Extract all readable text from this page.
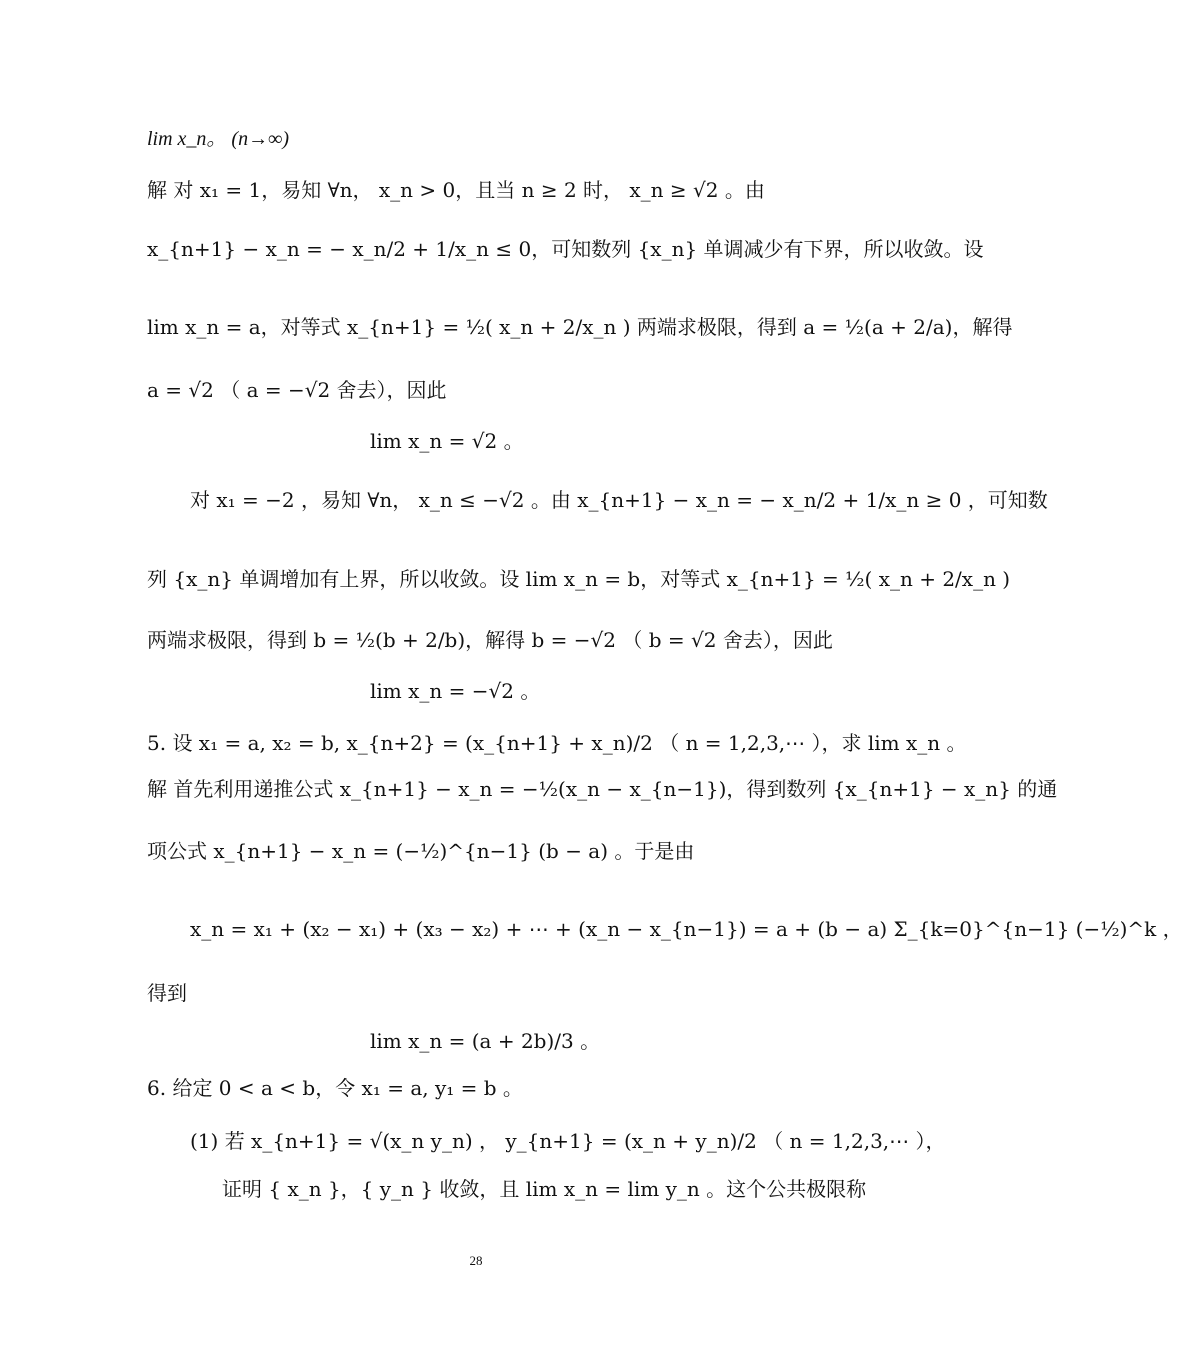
lim x_n。 (n→∞)
解 对 x₁ = 1，易知 ∀n， x_n > 0，且当 n ≥ 2 时， x_n ≥ √2 。由
x_{n+1} − x_n = − x_n/2 + 1/x_n ≤ 0，可知数列 {x_n} 单调减少有下界，所以收敛。设
lim x_n = a，对等式 x_{n+1} = ½( x_n + 2/x_n ) 两端求极限，得到 a = ½(a + 2/a)，解得
a = √2 （ a = −√2 舍去），因此
lim x_n = √2 。
对 x₁ = −2 ，易知 ∀n， x_n ≤ −√2 。由 x_{n+1} − x_n = − x_n/2 + 1/x_n ≥ 0 ，可知数
列 {x_n} 单调增加有上界，所以收敛。设 lim x_n = b，对等式 x_{n+1} = ½( x_n + 2/x_n )
两端求极限，得到 b = ½(b + 2/b)，解得 b = −√2 （ b = √2 舍去），因此
lim x_n = −√2 。
5. 设 x₁ = a, x₂ = b, x_{n+2} = (x_{n+1} + x_n)/2 （ n = 1,2,3,⋯ ），求 lim x_n 。
解 首先利用递推公式 x_{n+1} − x_n = −½(x_n − x_{n−1})，得到数列 {x_{n+1} − x_n} 的通
项公式 x_{n+1} − x_n = (−½)^{n−1} (b − a) 。于是由
x_n = x₁ + (x₂ − x₁) + (x₃ − x₂) + ⋯ + (x_n − x_{n−1}) = a + (b − a) Σ_{k=0}^{n−1} (−½)^k ，
得到
lim x_n = (a + 2b)/3 。
6. 给定 0 < a < b，令 x₁ = a, y₁ = b 。
(1) 若 x_{n+1} = √(x_n y_n) ， y_{n+1} = (x_n + y_n)/2 （ n = 1,2,3,⋯ ），
证明 { x_n }，{ y_n } 收敛，且 lim x_n = lim y_n 。这个公共极限称
28
